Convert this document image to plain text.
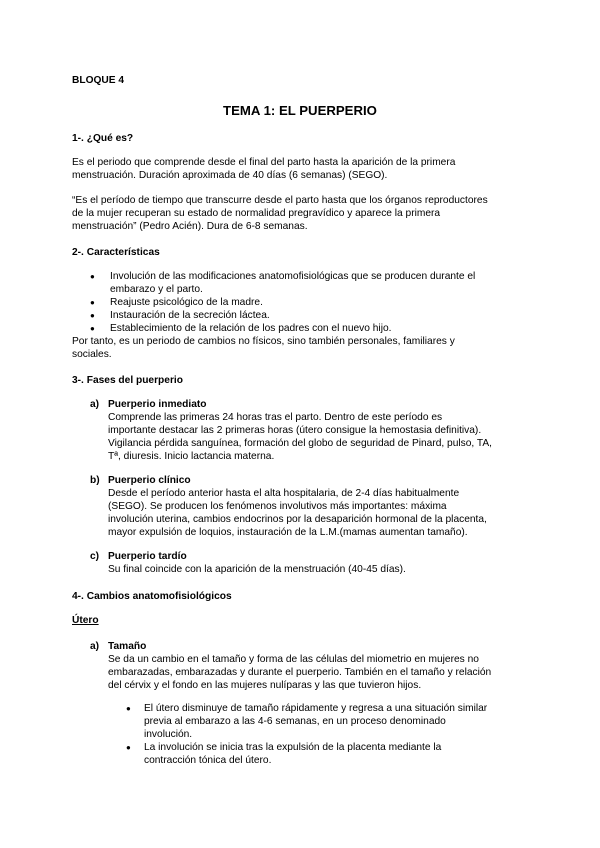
BLOQUE 4
TEMA 1: EL PUERPERIO
1-. ¿Qué es?

Es el periodo que comprende desde el final del parto hasta la aparición de la primera

menstruación. Duración aproximada de 40 días (6 semanas) (SEGO).

“Es el período de tiempo que transcurre desde el parto hasta que los órganos reproductores

de la mujer recuperan su estado de normalidad pregravídico y aparece la primera

menstruación” (Pedro Acién). Dura de 6-8 semanas.

2-. Características

● Involución de las modificaciones anatomofisiológicas que se producen durante el

embarazo y el parto.

● Reajuste psicológico de la madre.
● Instauración de la secreción láctea.
● Establecimiento de la relación de los padres con el nuevo hijo.

Por tanto, es un periodo de cambios no físicos, sino también personales, familiares y

sociales.

3-. Fases del puerperio
a) Puerperio inmediato

Comprende las primeras 24 horas tras el parto. Dentro de este período es

importante destacar las 2 primeras horas (útero consigue la hemostasia definitiva).

Vigilancia pérdida sanguínea, formación del globo de seguridad de Pinard, pulso, TA,

Tª, diuresis. Inicio lactancia materna.

b) Puerperio clínico

Desde el período anterior hasta el alta hospitalaria, de 2-4 días habitualmente

(SEGO). Se producen los fenómenos involutivos más importantes: máxima

involución uterina, cambios endocrinos por la desaparición hormonal de la placenta,

mayor expulsión de loquios, instauración de la L.M.(mamas aumentan tamaño).

c) Puerperio tardío

Su final coincide con la aparición de la menstruación (40-45 días).

4-. Cambios anatomofisiológicos
Útero
a) Tamaño

Se da un cambio en el tamaño y forma de las células del miometrio en mujeres no

embarazadas, embarazadas y durante el puerperio. También en el tamaño y relación

del cérvix y el fondo en las mujeres nulíparas y las que tuvieron hijos.

● El útero disminuye de tamaño rápidamente y regresa a una situación similar

previa al embarazo a las 4-6 semanas, en un proceso denominado

involución.

● La involución se inicia tras la expulsión de la placenta mediante la

contracción tónica del útero.
